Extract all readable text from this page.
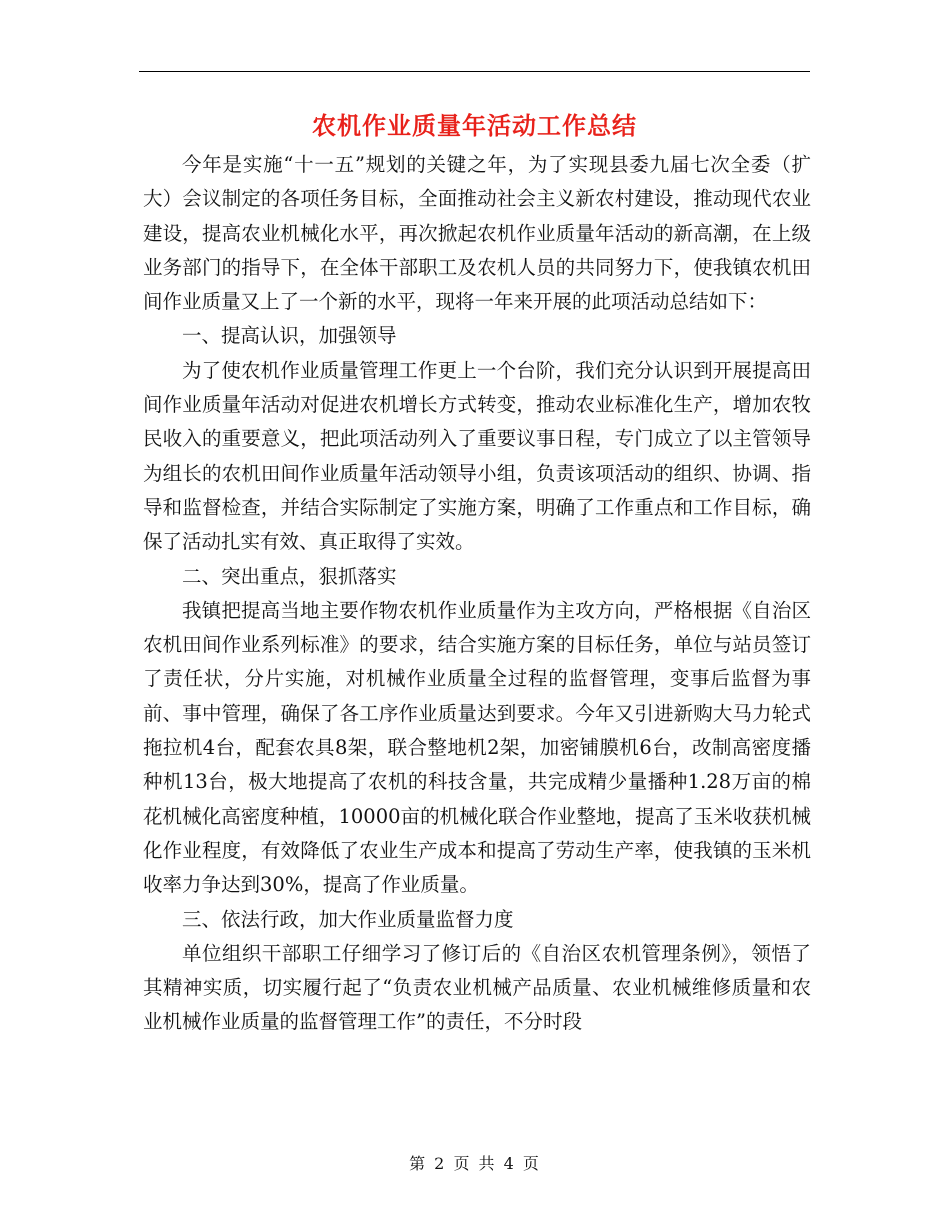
农机作业质量年活动工作总结

今年是实施“十一五”规划的关键之年，为了实现县委九届七次全委（扩大）会议制定的各项任务目标，全面推动社会主义新农村建设，推动现代农业建设，提高农业机械化水平，再次掀起农机作业质量年活动的新高潮，在上级业务部门的指导下，在全体干部职工及农机人员的共同努力下，使我镇农机田间作业质量又上了一个新的水平，现将一年来开展的此项活动总结如下：

一、提高认识，加强领导

为了使农机作业质量管理工作更上一个台阶，我们充分认识到开展提高田间作业质量年活动对促进农机增长方式转变，推动农业标准化生产，增加农牧民收入的重要意义，把此项活动列入了重要议事日程，专门成立了以主管领导为组长的农机田间作业质量年活动领导小组，负责该项活动的组织、协调、指导和监督检查，并结合实际制定了实施方案，明确了工作重点和工作目标，确保了活动扎实有效、真正取得了实效。

二、突出重点，狠抓落实

我镇把提高当地主要作物农机作业质量作为主攻方向，严格根据《自治区农机田间作业系列标准》的要求，结合实施方案的目标任务，单位与站员签订了责任状，分片实施，对机械作业质量全过程的监督管理，变事后监督为事前、事中管理，确保了各工序作业质量达到要求。今年又引进新购大马力轮式拖拉机4台，配套农具8架，联合整地机2架，加密铺膜机6台，改制高密度播种机13台，极大地提高了农机的科技含量，共完成精少量播种1.28万亩的棉花机械化高密度种植，10000亩的机械化联合作业整地，提高了玉米收获机械化作业程度，有效降低了农业生产成本和提高了劳动生产率，使我镇的玉米机收率力争达到30%，提高了作业质量。

三、依法行政，加大作业质量监督力度

单位组织干部职工仔细学习了修订后的《自治区农机管理条例》，领悟了其精神实质，切实履行起了“负责农业机械产品质量、农业机械维修质量和农业机械作业质量的监督管理工作”的责任，不分时段

第 2 页 共 4 页
